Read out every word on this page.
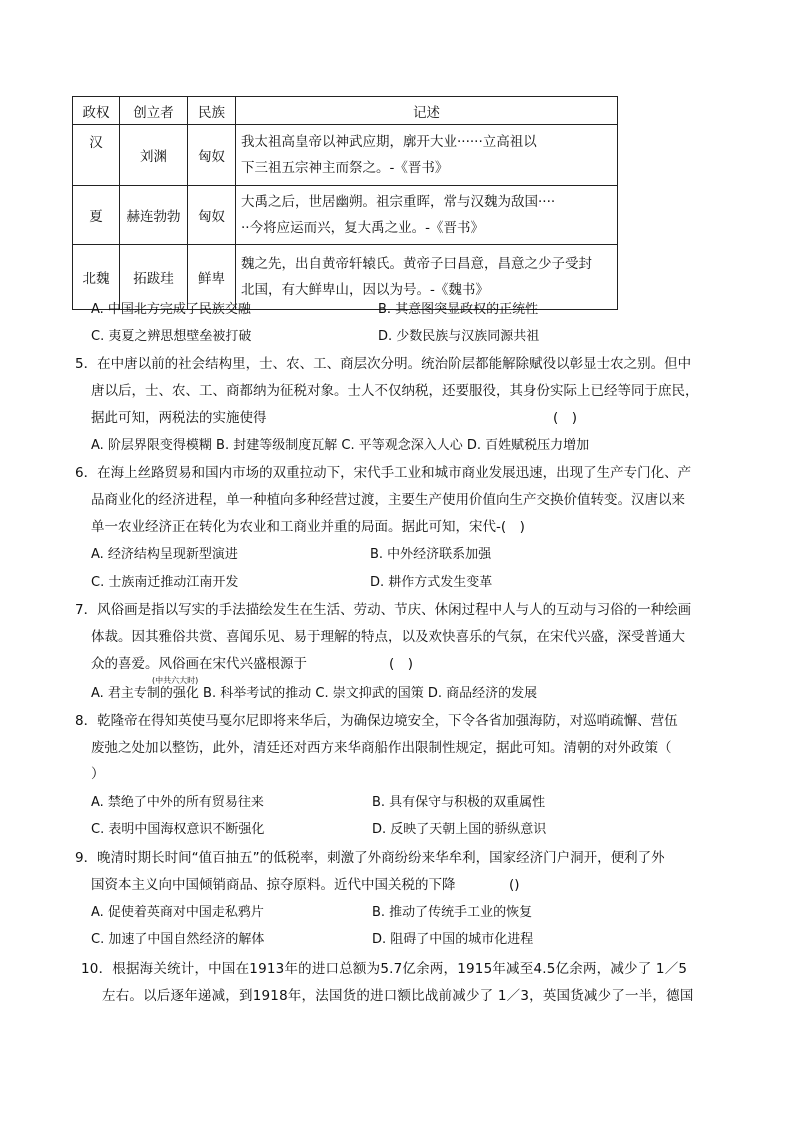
政权	创立者	民族	记述
汉	刘渊	匈奴	我太祖高皇帝以神武应期，廓开大业······立高祖以
下三祖五宗神主而祭之。-《晋书》
夏	赫连勃勃	匈奴	大禹之后，世居幽朔。祖宗重晖，常与汉魏为敌国····
··今将应运而兴，复大禹之业。-《晋书》
北魏	拓跋珪	鲜卑	魏之先，出自黄帝轩辕氏。黄帝子曰昌意，昌意之少子受封
北国，有大鲜卑山，因以为号。-《魏书》
A. 中国北方完成了民族交融	B. 其意图突显政权的正统性
C. 夷夏之辨思想壁垒被打破	D. 少数民族与汉族同源共祖
5．在中唐以前的社会结构里，士、农、工、商层次分明。统治阶层都能解除赋役以彰显士农之别。但中
唐以后，士、农、工、商都纳为征税对象。士人不仅纳税，还要服役，其身份实际上已经等同于庶民，
据此可知，两税法的实施使得	(　)
A. 阶层界限变得模糊 B. 封建等级制度瓦解 C. 平等观念深入人心 D. 百姓赋税压力增加
6．在海上丝路贸易和国内市场的双重拉动下，宋代手工业和城市商业发展迅速，出现了生产专门化、产
品商业化的经济进程，单一种植向多种经营过渡，主要生产使用价值向生产交换价值转变。汉唐以来
单一农业经济正在转化为农业和工商业并重的局面。据此可知，宋代-(　)
A. 经济结构呈现新型演进	B. 中外经济联系加强
C. 士族南迁推动江南开发	D. 耕作方式发生变革
7．风俗画是指以写实的手法描绘发生在生活、劳动、节庆、休闲过程中人与人的互动与习俗的一种绘画
体裁。因其雅俗共赏、喜闻乐见、易于理解的特点，以及欢快喜乐的气氛，在宋代兴盛，深受普通大
众的喜爱。风俗画在宋代兴盛根源于	(　)
(中共六大时)
A. 君主专制的强化 B. 科举考试的推动 C. 崇文抑武的国策 D. 商品经济的发展
8．乾隆帝在得知英使马戛尔尼即将来华后，为确保边境安全，下令各省加强海防，对巡哨疏懈、营伍
废弛之处加以整饬，此外，清廷还对西方来华商船作出限制性规定，据此可知。清朝的对外政策（
）
A. 禁绝了中外的所有贸易往来	B. 具有保守与积极的双重属性
C. 表明中国海权意识不断强化	D. 反映了天朝上国的骄纵意识
9．晚清时期长时间“值百抽五”的低税率，刺激了外商纷纷来华牟利，国家经济门户洞开，便利了外
国资本主义向中国倾销商品、掠夺原料。近代中国关税的下降	()
A. 促使着英商对中国走私鸦片	B. 推动了传统手工业的恢复
C. 加速了中国自然经济的解体	D. 阻碍了中国的城市化进程
10．根据海关统计，中国在1913年的进口总额为5.7亿余两，1915年减至4.5亿余两，减少了 1／5
左右。以后逐年递减，到1918年，法国货的进口额比战前减少了 1／3，英国货减少了一半，德国
